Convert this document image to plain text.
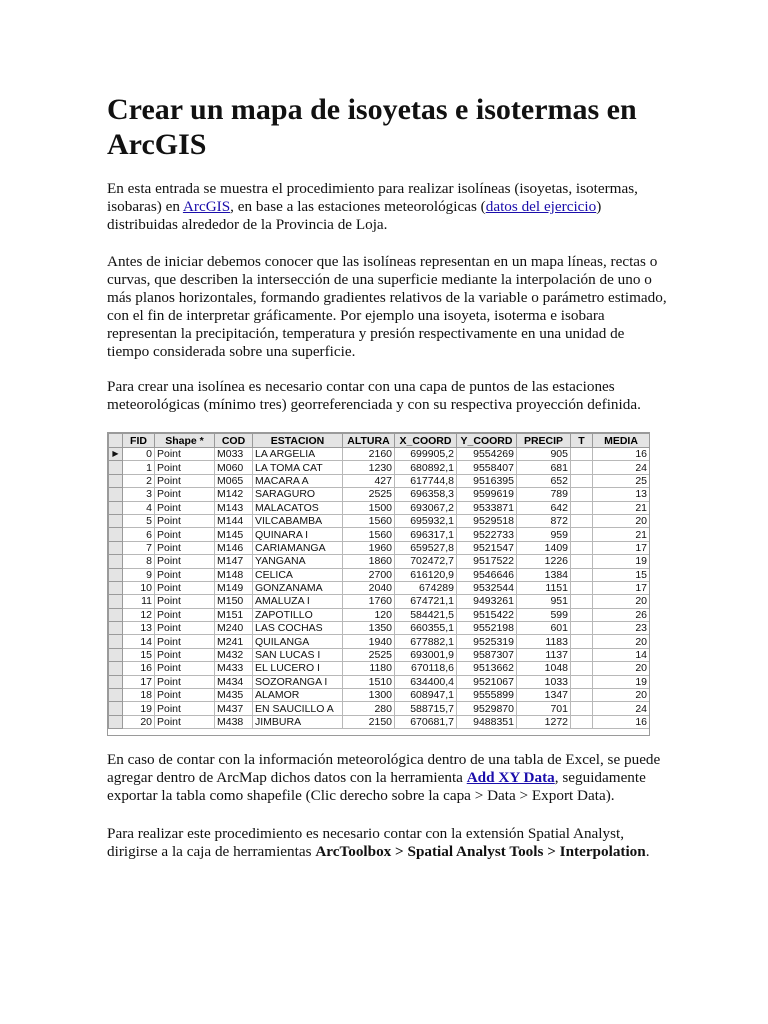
Crear un mapa de isoyetas e isotermas en ArcGIS

En esta entrada se muestra el procedimiento para realizar isolíneas (isoyetas, isotermas, isobaras) en ArcGIS, en base a las estaciones meteorológicas (datos del ejercicio) distribuidas alrededor de la Provincia de Loja.

Antes de iniciar debemos conocer que las isolíneas representan en un mapa líneas, rectas o curvas, que describen la intersección de una superficie mediante la interpolación de uno o más planos horizontales, formando gradientes relativos de la variable o parámetro estimado, con el fin de interpretar gráficamente. Por ejemplo una isoyeta, isoterma e isobara representan la precipitación, temperatura y presión respectivamente en una unidad de tiempo considerada sobre una superficie.

Para crear una isolínea es necesario contar con una capa de puntos de las estaciones meteorológicas (mínimo tres) georreferenciada y con su respectiva proyección definida.

	FID	Shape *	COD	ESTACION	ALTURA	X_COORD	Y_COORD	PRECIP	T	MEDIA
▶	0	Point	M033	LA ARGELIA	2160	699905,2	9554269	905		16
	1	Point	M060	LA TOMA CAT	1230	680892,1	9558407	681		24
	2	Point	M065	MACARA A	427	617744,8	9516395	652		25
	3	Point	M142	SARAGURO	2525	696358,3	9599619	789		13
	4	Point	M143	MALACATOS	1500	693067,2	9533871	642		21
	5	Point	M144	VILCABAMBA	1560	695932,1	9529518	872		20
	6	Point	M145	QUINARA I	1560	696317,1	9522733	959		21
	7	Point	M146	CARIAMANGA	1960	659527,8	9521547	1409		17
	8	Point	M147	YANGANA	1860	702472,7	9517522	1226		19
	9	Point	M148	CELICA	2700	616120,9	9546646	1384		15
	10	Point	M149	GONZANAMA	2040	674289	9532544	1151		17
	11	Point	M150	AMALUZA I	1760	674721,1	9493261	951		20
	12	Point	M151	ZAPOTILLO	120	584421,5	9515422	599		26
	13	Point	M240	LAS COCHAS	1350	660355,1	9552198	601		23
	14	Point	M241	QUILANGA	1940	677882,1	9525319	1183		20
	15	Point	M432	SAN LUCAS I	2525	693001,9	9587307	1137		14
	16	Point	M433	EL LUCERO I	1180	670118,6	9513662	1048		20
	17	Point	M434	SOZORANGA I	1510	634400,4	9521067	1033		19
	18	Point	M435	ALAMOR	1300	608947,1	9555899	1347		20
	19	Point	M437	EN SAUCILLO A	280	588715,7	9529870	701		24
	20	Point	M438	JIMBURA	2150	670681,7	9488351	1272		16

En caso de contar con la información meteorológica dentro de una tabla de Excel, se puede agregar dentro de ArcMap dichos datos con la herramienta Add XY Data, seguidamente exportar la tabla como shapefile (Clic derecho sobre la capa > Data > Export Data).

Para realizar este procedimiento es necesario contar con la extensión Spatial Analyst, dirigirse a la caja de herramientas ArcToolbox > Spatial Analyst Tools > Interpolation.
